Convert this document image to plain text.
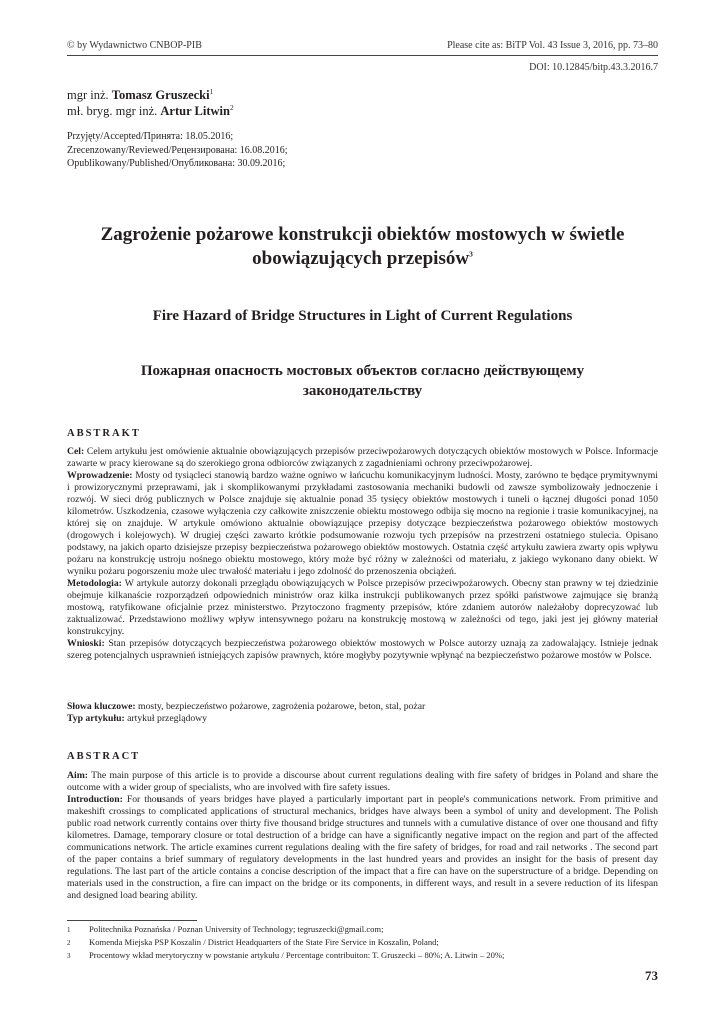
© by Wydawnictwo CNBOP-PIB	Please cite as: BiTP Vol. 43 Issue 3, 2016, pp. 73–80
DOI: 10.12845/bitp.43.3.2016.7
mgr inż. Tomasz Gruszecki$^1$
mł. bryg. mgr inż. Artur Litwin$^2$
Przyjęty/Accepted/Принята: 18.05.2016;
Zrecenzowany/Reviewed/Рецензирована: 16.08.2016;
Opublikowany/Published/Опубликована: 30.09.2016;
Zagrożenie pożarowe konstrukcji obiektów mostowych w świetle
obowiązujących przepisów$^3$
Fire Hazard of Bridge Structures in Light of Current Regulations
Пожарная опасность мостовых объектов согласно действующему
законодательству
ABSTRAKT

Cel: Celem artykułu jest omówienie aktualnie obowiązujących przepisów przeciwpożarowych dotyczących obiektów mostowych w Polsce. Informacje zawarte w pracy kierowane są do szerokiego grona odbiorców związanych z zagadnieniami ochrony przeciwpożarowej.

Wprowadzenie: Mosty od tysiącleci stanowią bardzo ważne ogniwo w łańcuchu komunikacyjnym ludności. Mosty, zarówno te będące prymitywnymi i prowizorycznymi przeprawami, jak i skomplikowanymi przykładami zastosowania mechaniki budowli od zawsze symbolizowały jednoczenie i rozwój. W sieci dróg publicznych w Polsce znajduje się aktualnie ponad 35 tysięcy obiektów mostowych i tuneli o łącznej długości ponad 1050 kilometrów. Uszkodzenia, czasowe wyłączenia czy całkowite zniszczenie obiektu mostowego odbija się mocno na regionie i trasie komunikacyjnej, na której się on znajduje. W artykule omówiono aktualnie obowiązujące przepisy dotyczące bezpieczeństwa pożarowego obiektów mostowych (drogowych i kolejowych). W drugiej części zawarto krótkie podsumowanie rozwoju tych przepisów na przestrzeni ostatniego stulecia. Opisano podstawy, na jakich oparto dzisiejsze przepisy bezpieczeństwa pożarowego obiektów mostowych. Ostatnia część artykułu zawiera zwarty opis wpływu pożaru na konstrukcję ustroju nośnego obiektu mostowego, który może być różny w zależności od materiału, z jakiego wykonano dany obiekt. W wyniku pożaru pogorszeniu może ulec trwałość materiału i jego zdolność do przenoszenia obciążeń.

Metodologia: W artykule autorzy dokonali przeglądu obowiązujących w Polsce przepisów przeciwpożarowych. Obecny stan prawny w tej dziedzinie obejmuje kilkanaście rozporządzeń odpowiednich ministrów oraz kilka instrukcji publikowanych przez spółki państwowe zajmujące się branżą mostową, ratyfikowane oficjalnie przez ministerstwo. Przytoczono fragmenty przepisów, które zdaniem autorów należałoby doprecyzować lub zaktualizować. Przedstawiono możliwy wpływ intensywnego pożaru na konstrukcję mostową w zależności od tego, jaki jest jej główny materiał konstrukcyjny.

Wnioski: Stan przepisów dotyczących bezpieczeństwa pożarowego obiektów mostowych w Polsce autorzy uznają za zadowalający. Istnieje jednak szereg potencjalnych usprawnień istniejących zapisów prawnych, które mogłyby pozytywnie wpłynąć na bezpieczeństwo pożarowe mostów w Polsce.

Słowa kluczowe: mosty, bezpieczeństwo pożarowe, zagrożenia pożarowe, beton, stal, pożar

Typ artykułu: artykuł przeglądowy

ABSTRACT

Aim: The main purpose of this article is to provide a discourse about current regulations dealing with fire safety of bridges in Poland and share the outcome with a wider group of specialists, who are involved with fire safety issues.

Introduction: For thousands of years bridges have played a particularly important part in people's communications network. From primitive and makeshift crossings to complicated applications of structural mechanics, bridges have always been a symbol of unity and development. The Polish public road network currently contains over thirty five thousand bridge structures and tunnels with a cumulative distance of over one thousand and fifty kilometres. Damage, temporary closure or total destruction of a bridge can have a significantly negative impact on the region and part of the affected communications network. The article examines current regulations dealing with the fire safety of bridges, for road and rail networks . The second part of the paper contains a brief summary of regulatory developments in the last hundred years and provides an insight for the basis of present day regulations. The last part of the article contains a concise description of the impact that a fire can have on the superstructure of a bridge. Depending on materials used in the construction, a fire can impact on the bridge or its components, in different ways, and result in a severe reduction of its lifespan and designed load bearing ability.

1	Politechnika Poznańska / Poznan University of Technology; tegruszecki@gmail.com;
2	Komenda Miejska PSP Koszalin / District Headquarters of the State Fire Service in Koszalin, Poland;
3	Procentowy wkład merytoryczny w powstanie artykułu / Percentage contribuiton: T. Gruszecki – 80%; A. Litwin – 20%;
73
